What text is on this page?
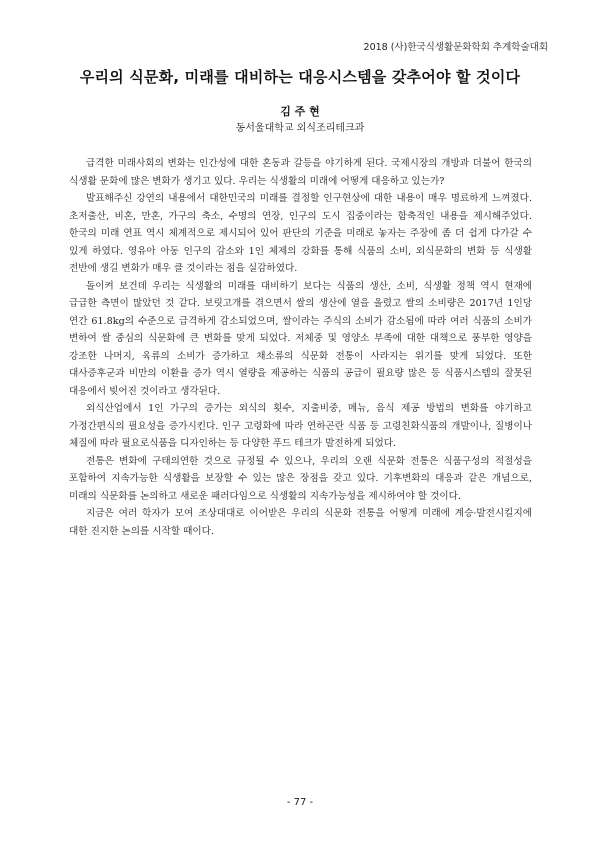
2018 (사)한국식생활문화학회 추계학술대회
우리의 식문화, 미래를 대비하는 대응시스템을 갖추어야 할 것이다
김 주 현
동서울대학교 외식조리테크과

급격한 미래사회의 변화는 인간성에 대한 혼동과 갈등을 야기하게 된다. 국제시장의 개방과 더불어 한국의 식생활 문화에 많은 변화가 생기고 있다. 우리는 식생활의 미래에 어떻게 대응하고 있는가?

발표해주신 강연의 내용에서 대한민국의 미래를 결정할 인구현상에 대한 내용이 매우 명료하게 느껴졌다. 초저출산, 비혼, 만혼, 가구의 축소, 수명의 연장, 인구의 도시 집중이라는 함축적인 내용을 제시해주었다. 한국의 미래 연표 역시 체계적으로 제시되어 있어 판단의 기준을 미래로 놓자는 주장에 좀 더 쉽게 다가갈 수 있게 하였다. 영유아 아동 인구의 감소와 1인 체제의 강화를 통해 식품의 소비, 외식문화의 변화 등 식생활 전반에 생길 변화가 매우 클 것이라는 점을 실감하였다.

돌이켜 보건데 우리는 식생활의 미래를 대비하기 보다는 식품의 생산, 소비, 식생활 정책 역시 현재에 급급한 측면이 많았던 것 같다. 보릿고개를 겪으면서 쌀의 생산에 열을 올렸고 쌀의 소비량은 2017년 1인당 연간 61.8kg의 수준으로 급격하게 감소되었으며, 쌀이라는 주식의 소비가 감소됨에 따라 여러 식품의 소비가 변하여 쌀 중심의 식문화에 큰 변화를 맞게 되었다. 저체중 및 영양소 부족에 대한 대책으로 풍부한 영양을 강조한 나머지, 육류의 소비가 증가하고 채소류의 식문화 전통이 사라지는 위기를 맞게 되었다. 또한 대사증후군과 비만의 이환율 증가 역시 열량을 제공하는 식품의 공급이 필요량 많은 등 식품시스템의 잘못된 대응에서 빚어진 것이라고 생각된다.

외식산업에서 1인 가구의 증가는 외식의 횟수, 지출비중, 메뉴, 음식 제공 방법의 변화를 야기하고 가정간편식의 필요성을 증가시킨다. 인구 고령화에 따라 연하곤란 식품 등 고령친화식품의 개발이나, 질병이나 체질에 따라 필요로식품을 디자인하는 등 다양한 푸드 테크가 발전하게 되었다.

전통은 변화에 구태의연한 것으로 규정될 수 있으나, 우리의 오랜 식문화 전통은 식품구성의 적절성을 포함하여 지속가능한 식생활을 보장할 수 있는 많은 장점을 갖고 있다. 기후변화의 대응과 같은 개념으로, 미래의 식문화를 논의하고 새로운 패러다임으로 식생활의 지속가능성을 제시하여야 할 것이다.

지금은 여러 학자가 모여 조상대대로 이어받은 우리의 식문화 전통을 어떻게 미래에 계승·발전시킬지에 대한 진지한 논의를 시작할 때이다.

- 77 -
